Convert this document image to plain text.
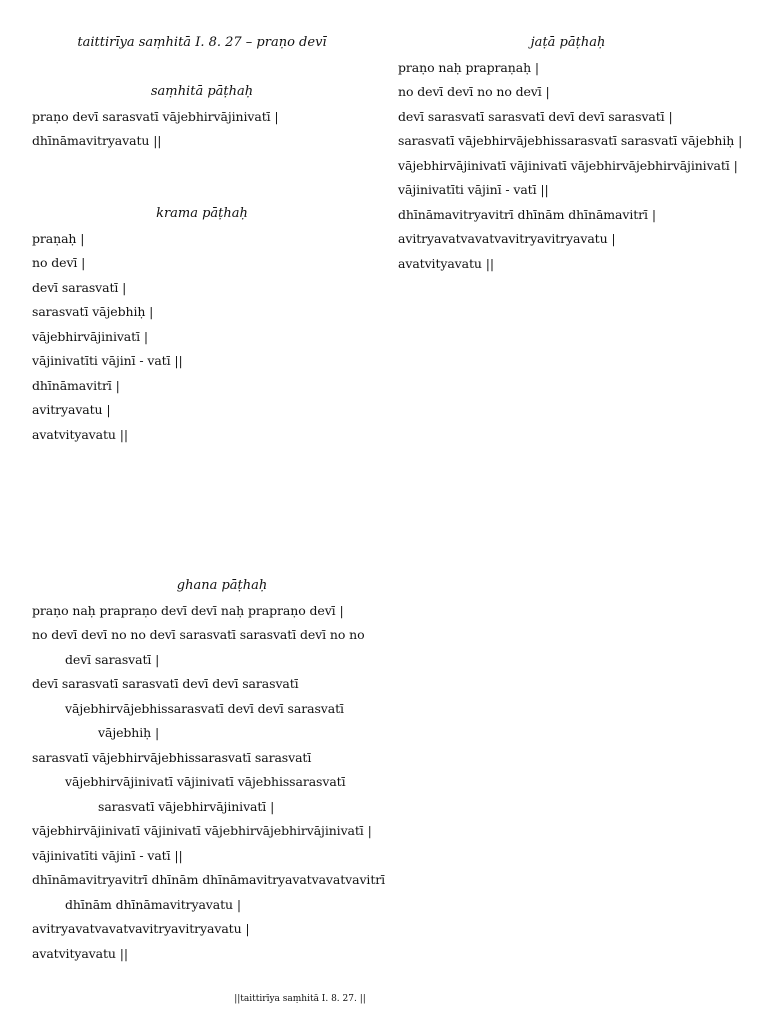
taittirīya saṃhitā I. 8. 27 – praṇo devī
saṃhitā pāṭhaḥ
praṇo devī sarasvatī vājebhirvājinivatī |
dhīnāmavitryavatu ||
krama pāṭhaḥ
praṇaḥ |
no devī |
devī sarasvatī |
sarasvatī vājebhiḥ |
vājebhirvājinivatī |
vājinivatīti vājinī - vatī ||
dhīnāmavitrī |
avitryavatu |
avatvityavatu ||
jaṭā pāṭhaḥ
praṇo naḥ prapraṇaḥ |
no devī devī no no devī |
devī sarasvatī sarasvatī devī devī sarasvatī |
sarasvatī vājebhirvājebhissarasvatī sarasvatī vājebhiḥ |
vājebhirvājinivatī vājinivatī vājebhirvājebhirvājinivatī |
vājinivatīti vājinī - vatī ||
dhīnāmavitryavitrī dhīnām dhīnāmavitrī |
avitryavatvavatvavitryavitryavatu |
avatvityavatu ||
ghana pāṭhaḥ
praṇo naḥ prapraṇo devī devī naḥ prapraṇo devī |
no devī devī no no devī sarasvatī sarasvatī devī no no
devī sarasvatī |
devī sarasvatī sarasvatī devī devī sarasvatī
vājebhirvājebhissarasvatī devī devī sarasvatī
vājebhiḥ |
sarasvatī vājebhirvājebhissarasvatī sarasvatī
vājebhirvājinivatī vājinivatī vājebhissarasvatī
sarasvatī vājebhirvājinivatī |
vājebhirvājinivatī vājinivatī vājebhirvājebhirvājinivatī |
vājinivatīti vājinī - vatī ||
dhīnāmavitryavitrī dhīnām dhīnāmavitryavatvavatvavitrī
dhīnām dhīnāmavitryavatu |
avitryavatvavatvavitryavitryavatu |
avatvityavatu ||
||taittirīya saṃhitā I. 8. 27. ||
